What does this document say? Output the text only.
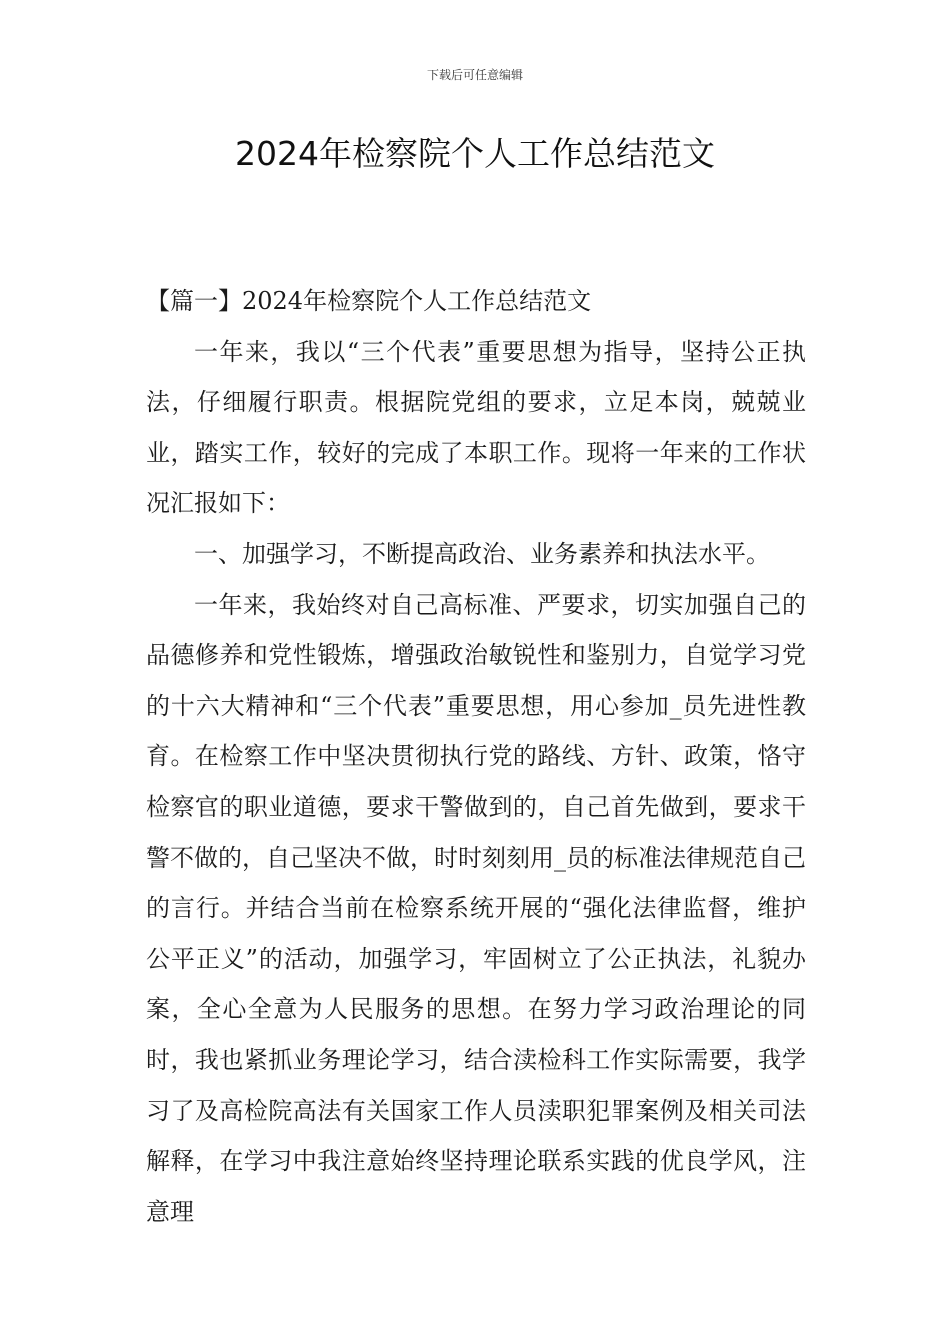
下载后可任意编辑
2024年检察院个人工作总结范文

【篇一】2024年检察院个人工作总结范文

一年来，我以“三个代表”重要思想为指导，坚持公正执法，仔细履行职责。根据院党组的要求，立足本岗，兢兢业业，踏实工作，较好的完成了本职工作。现将一年来的工作状况汇报如下：

一、加强学习，不断提高政治、业务素养和执法水平。

一年来，我始终对自己高标准、严要求，切实加强自己的品德修养和党性锻炼，增强政治敏锐性和鉴别力，自觉学习党的十六大精神和“三个代表”重要思想，用心参加_员先进性教育。在检察工作中坚决贯彻执行党的路线、方针、政策，恪守检察官的职业道德，要求干警做到的，自己首先做到，要求干警不做的，自己坚决不做，时时刻刻用_员的标准法律规范自己的言行。并结合当前在检察系统开展的“强化法律监督，维护公平正义”的活动，加强学习，牢固树立了公正执法，礼貌办案，全心全意为人民服务的思想。在努力学习政治理论的同时，我也紧抓业务理论学习，结合渎检科工作实际需要，我学习了及高检院高法有关国家工作人员渎职犯罪案例及相关司法解释，在学习中我注意始终坚持理论联系实践的优良学风，注意理
